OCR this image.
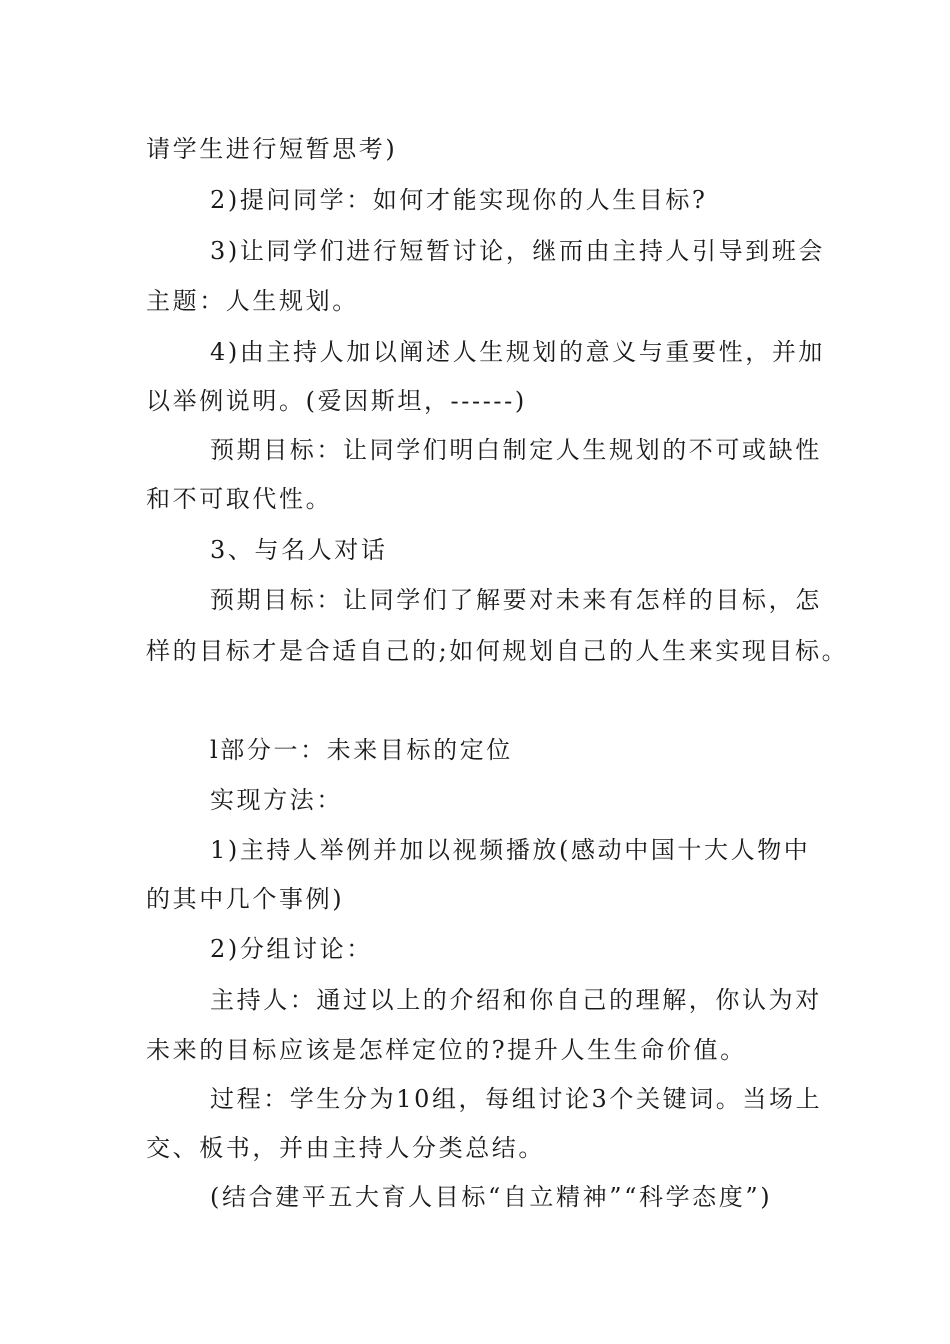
请学生进行短暂思考)
2)提问同学：如何才能实现你的人生目标?
3)让同学们进行短暂讨论，继而由主持人引导到班会
主题：人生规划。
4)由主持人加以阐述人生规划的意义与重要性，并加
以举例说明。(爱因斯坦，------)
预期目标：让同学们明白制定人生规划的不可或缺性
和不可取代性。
3、与名人对话
预期目标：让同学们了解要对未来有怎样的目标，怎
样的目标才是合适自己的;如何规划自己的人生来实现目标。
l部分一：未来目标的定位
实现方法：
1)主持人举例并加以视频播放(感动中国十大人物中
的其中几个事例)
2)分组讨论：
主持人：通过以上的介绍和你自己的理解，你认为对
未来的目标应该是怎样定位的?提升人生生命价值。
过程：学生分为10组，每组讨论3个关键词。当场上
交、板书，并由主持人分类总结。
(结合建平五大育人目标“自立精神”“科学态度”)
